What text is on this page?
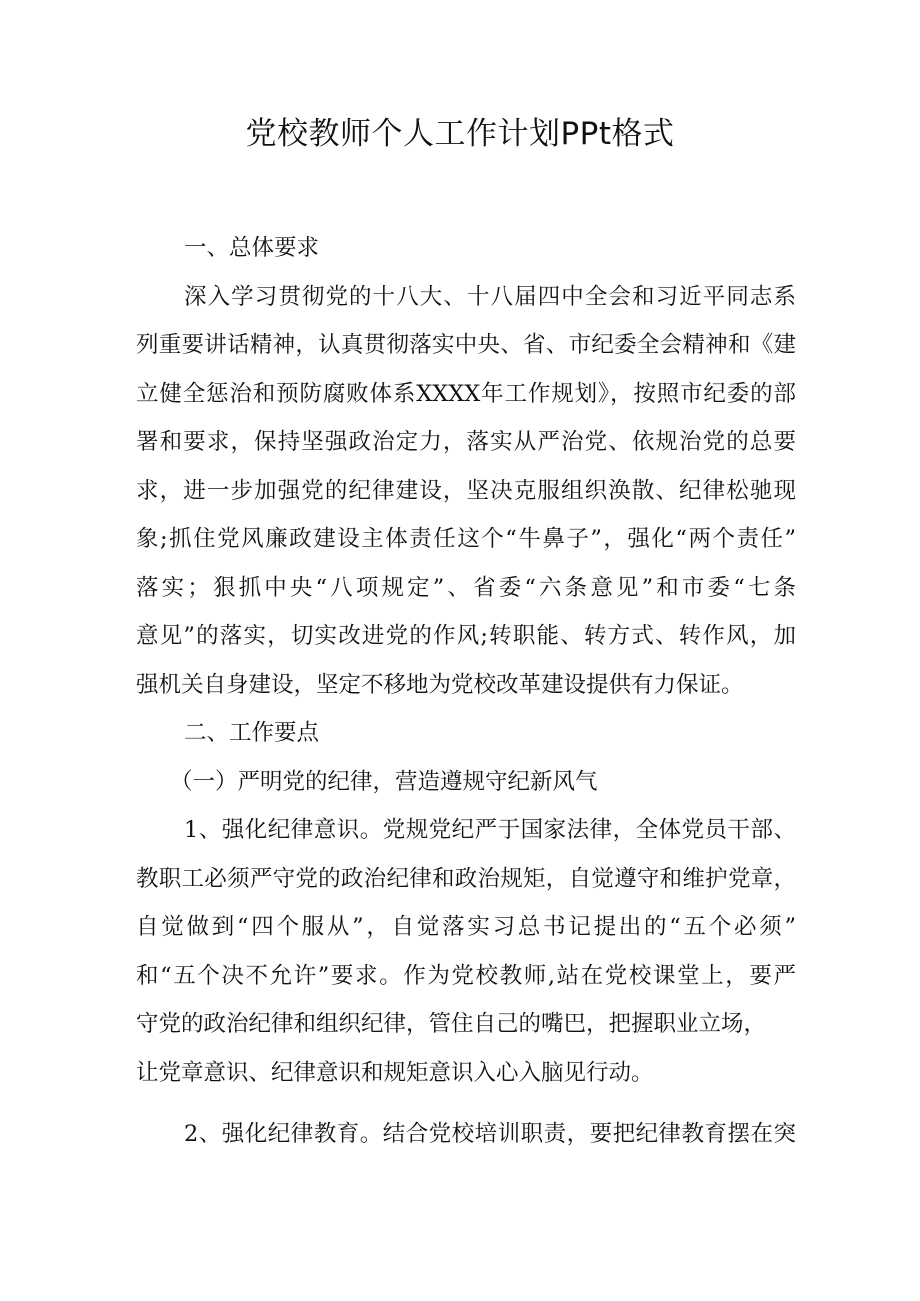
党校教师个人工作计划PPt格式
一、总体要求
深入学习贯彻党的十八大、十八届四中全会和习近平同志系
列重要讲话精神，认真贯彻落实中央、省、市纪委全会精神和《建
立健全惩治和预防腐败体系XXXX年工作规划》，按照市纪委的部
署和要求，保持坚强政治定力，落实从严治党、依规治党的总要
求，进一步加强党的纪律建设，坚决克服组织涣散、纪律松驰现
象;抓住党风廉政建设主体责任这个“牛鼻子”，强化“两个责任”
落实；狠抓中央“八项规定”、省委“六条意见”和市委“七条
意见”的落实，切实改进党的作风;转职能、转方式、转作风，加
强机关自身建设，坚定不移地为党校改革建设提供有力保证。
二、工作要点
（一）严明党的纪律，营造遵规守纪新风气
1、强化纪律意识。党规党纪严于国家法律，全体党员干部、
教职工必须严守党的政治纪律和政治规矩，自觉遵守和维护党章，
自觉做到“四个服从”，自觉落实习总书记提出的“五个必须”
和“五个决不允许”要求。作为党校教师,站在党校课堂上，要严
守党的政治纪律和组织纪律，管住自己的嘴巴，把握职业立场，
让党章意识、纪律意识和规矩意识入心入脑见行动。
2、强化纪律教育。结合党校培训职责，要把纪律教育摆在突
